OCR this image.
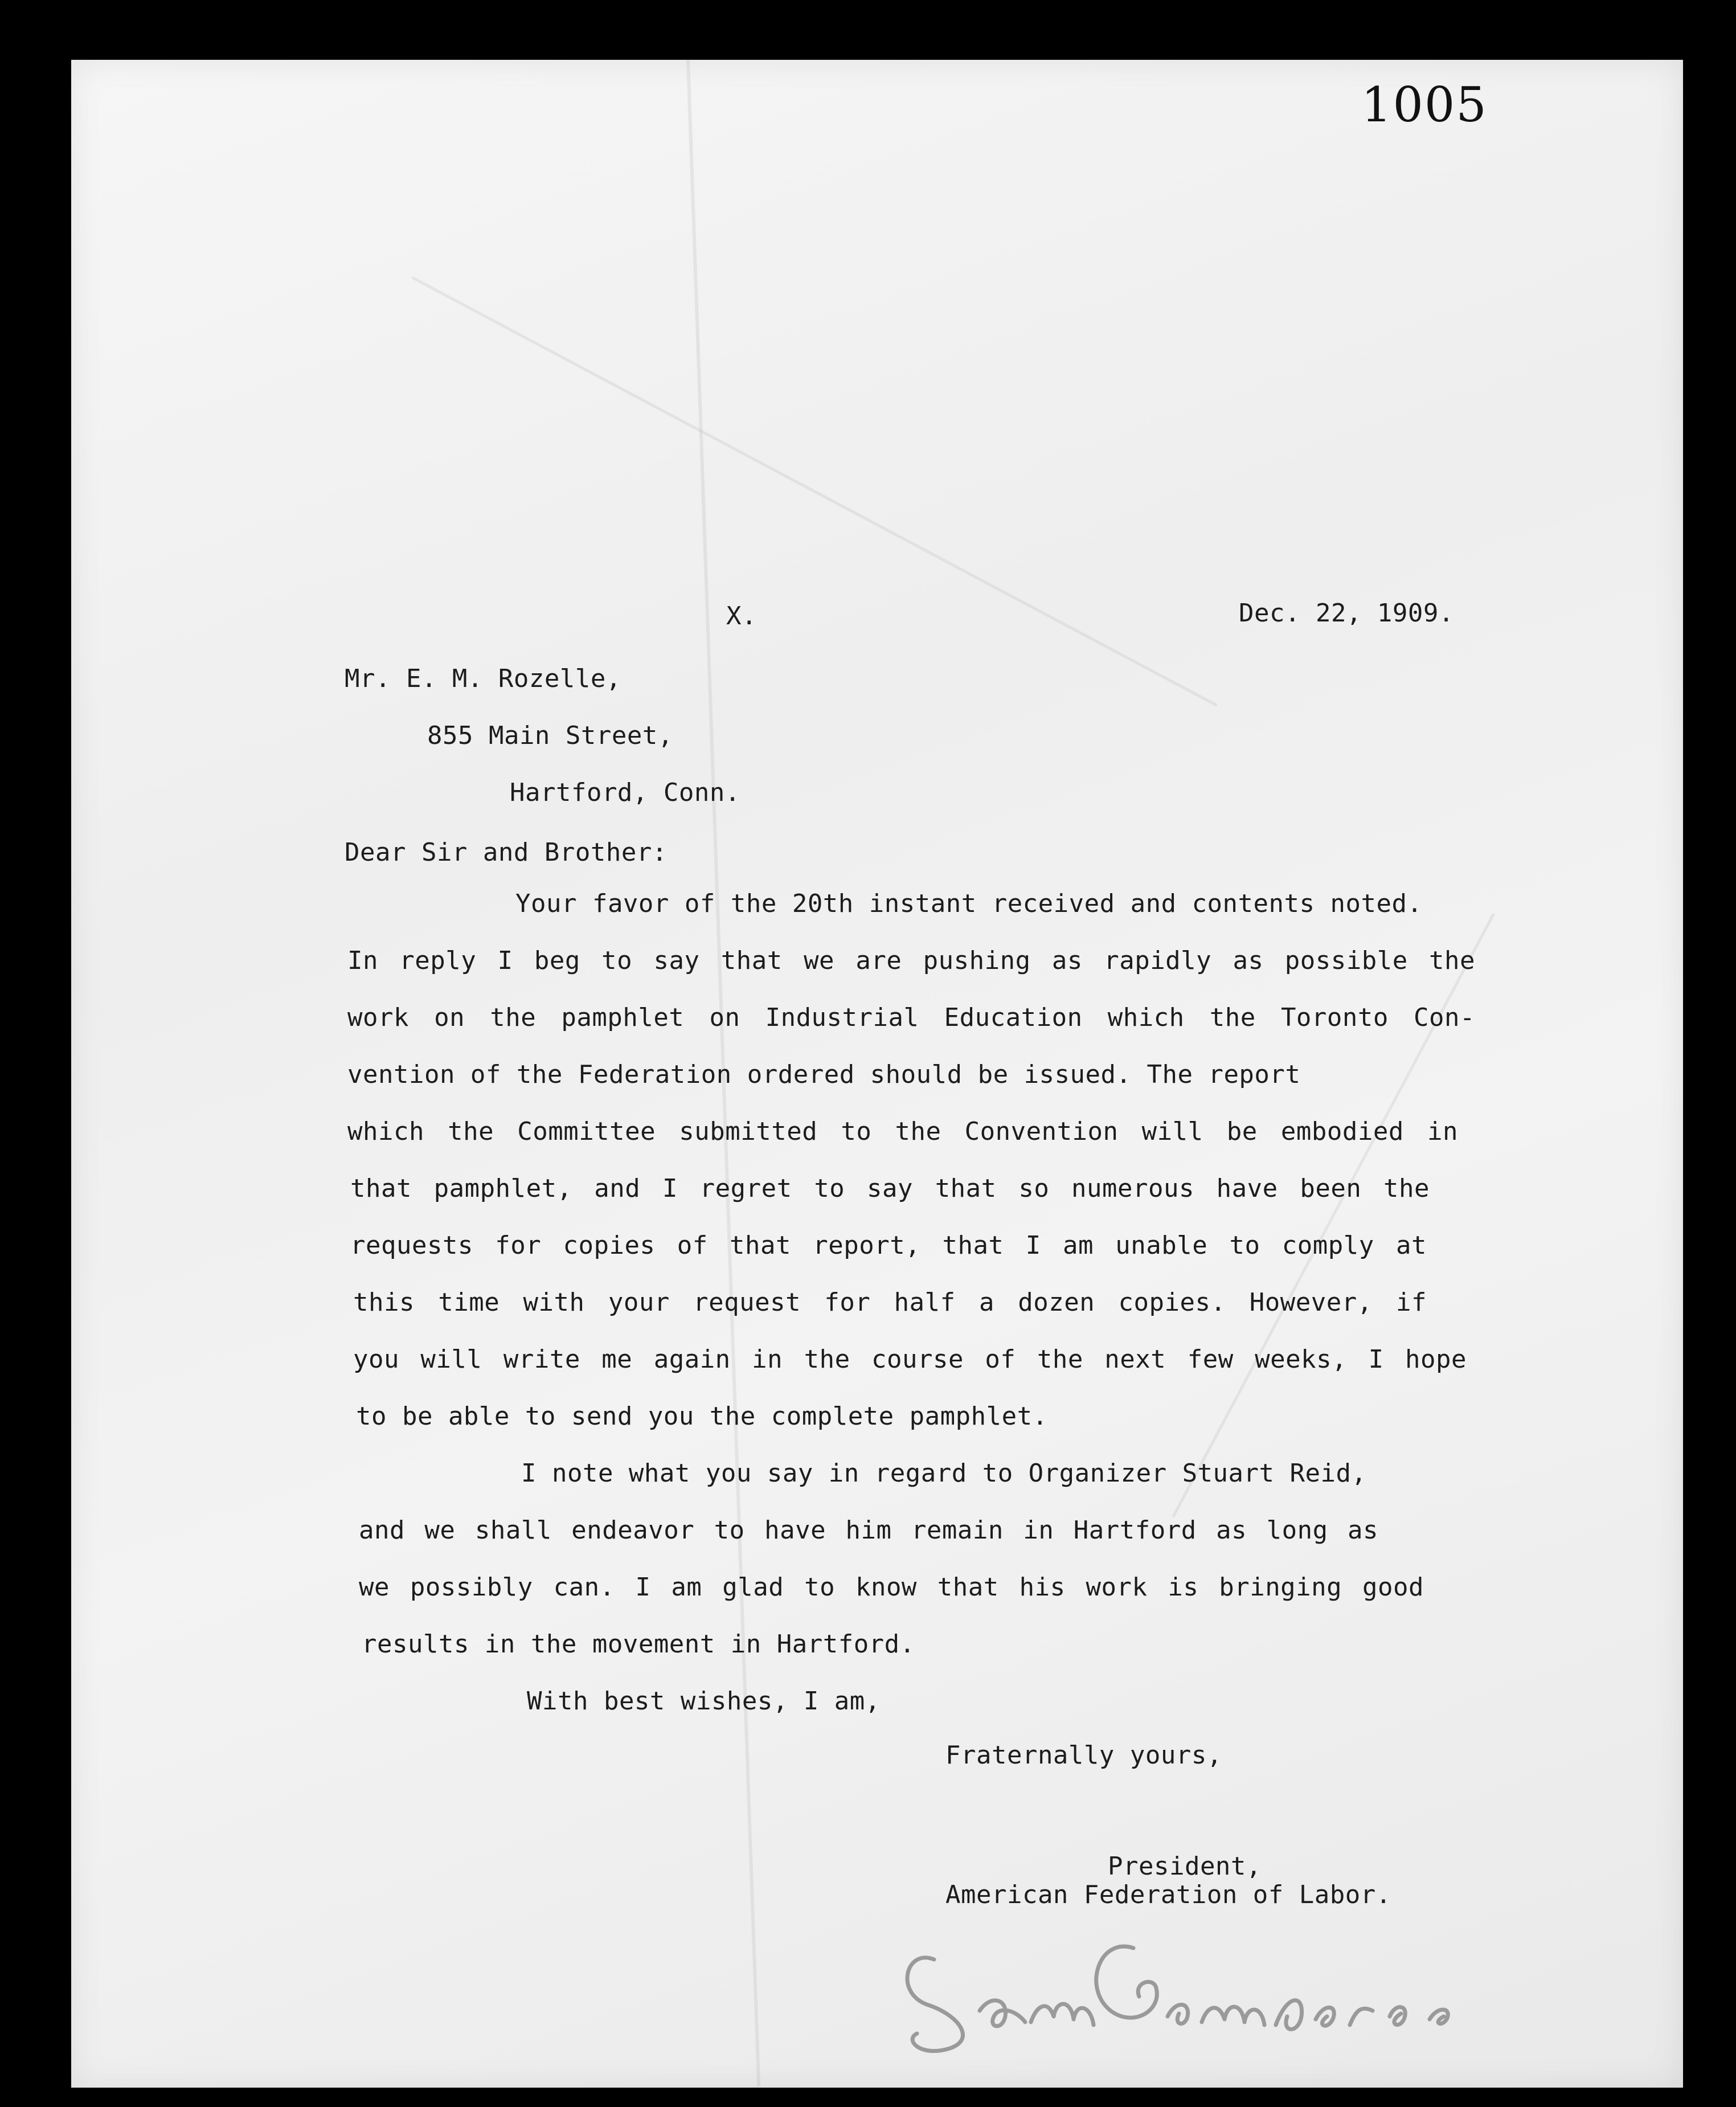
1005
X.	Dec. 22, 1909.
Mr. E. M. Rozelle,
855 Main Street,
Hartford, Conn.
Dear Sir and Brother:
Your favor of the 20th instant received and contents noted.
In reply I beg to say that we are pushing as rapidly as possible the
work on the pamphlet on Industrial Education which the Toronto Con-
vention of the Federation ordered should be issued. The report
which the Committee submitted to the Convention will be embodied in
that pamphlet, and I regret to say that so numerous have been the
requests for copies of that report, that I am unable to comply at
this time with your request for half a dozen copies. However, if
you will write me again in the course of the next few weeks, I hope
to be able to send you the complete pamphlet.
I note what you say in regard to Organizer Stuart Reid,
and we shall endeavor to have him remain in Hartford as long as
we possibly can. I am glad to know that his work is bringing good
results in the movement in Hartford.
With best wishes, I am,
Fraternally yours,
President,
American Federation of Labor.
